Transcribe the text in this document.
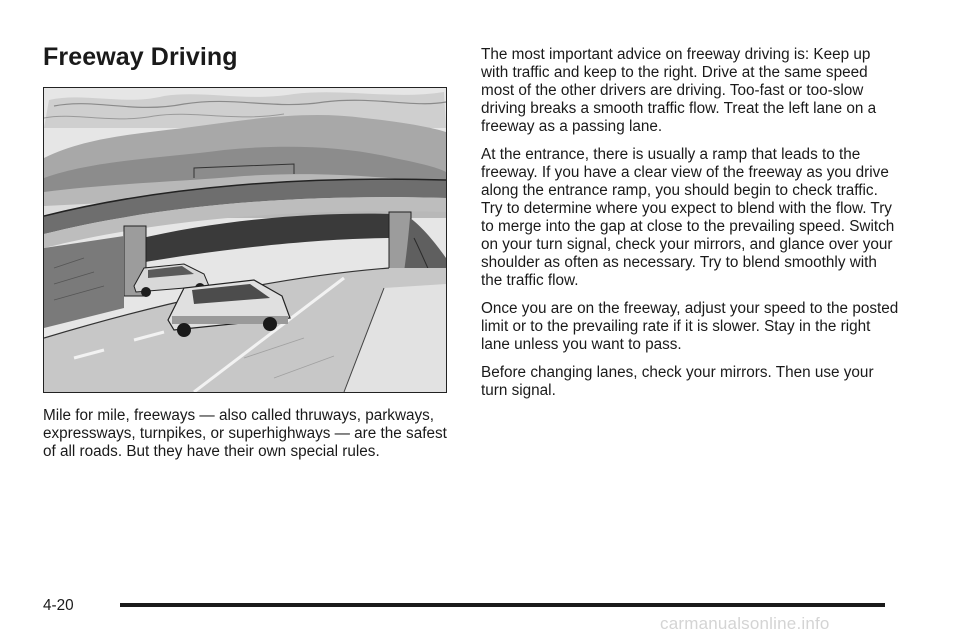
Freeway Driving

Mile for mile, freeways — also called thruways, parkways, expressways, turnpikes, or superhighways — are the safest of all roads. But they have their own special rules.

The most important advice on freeway driving is: Keep up with traffic and keep to the right. Drive at the same speed most of the other drivers are driving. Too-fast or too-slow driving breaks a smooth traffic flow. Treat the left lane on a freeway as a passing lane.

At the entrance, there is usually a ramp that leads to the freeway. If you have a clear view of the freeway as you drive along the entrance ramp, you should begin to check traffic. Try to determine where you expect to blend with the flow. Try to merge into the gap at close to the prevailing speed. Switch on your turn signal, check your mirrors, and glance over your shoulder as often as necessary. Try to blend smoothly with the traffic flow.

Once you are on the freeway, adjust your speed to the posted limit or to the prevailing rate if it is slower. Stay in the right lane unless you want to pass.

Before changing lanes, check your mirrors. Then use your turn signal.

4-20
carmanualsonline.info
